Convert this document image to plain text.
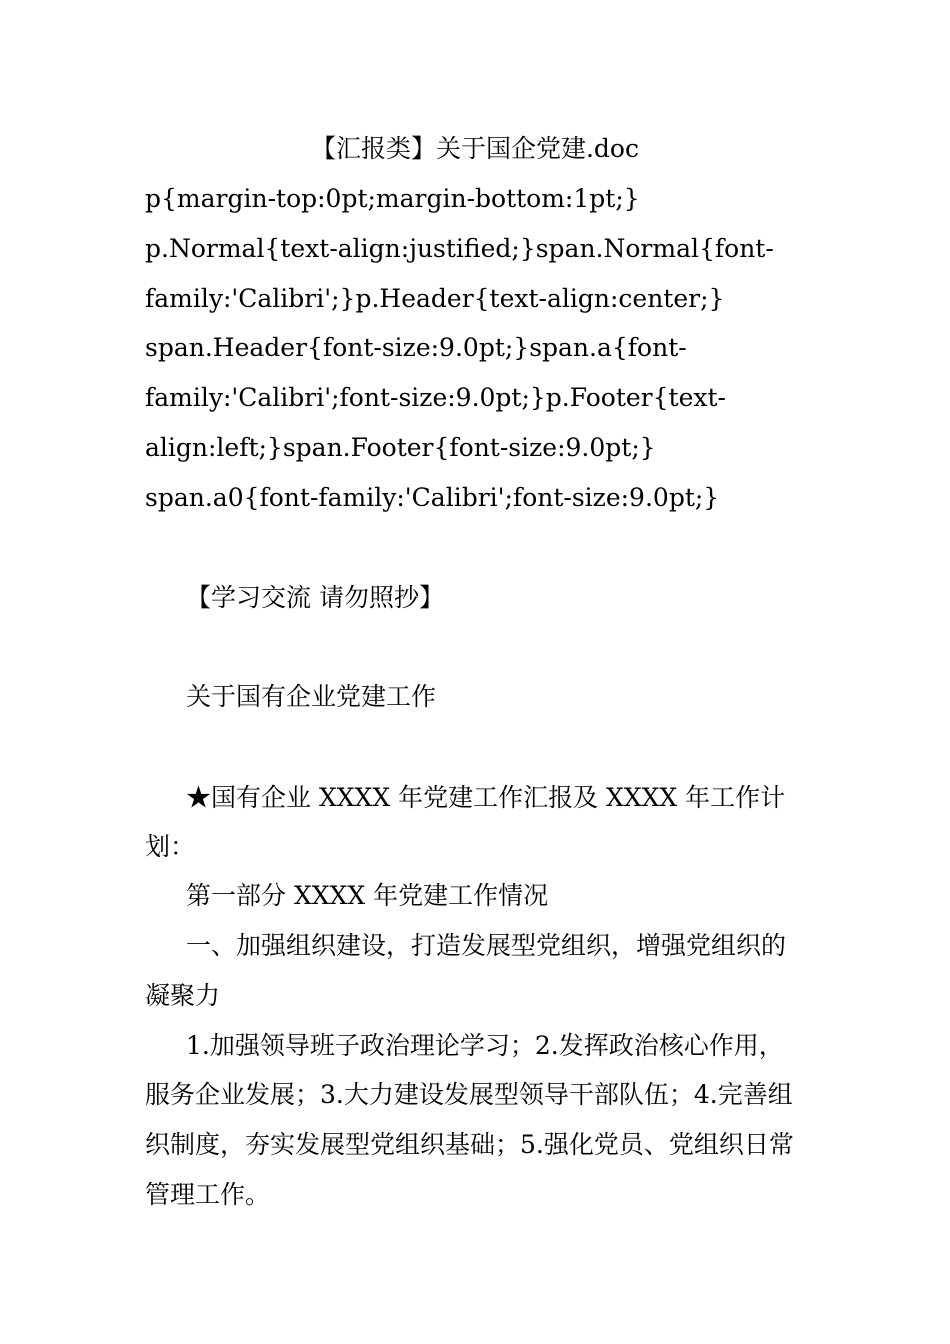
【汇报类】关于国企党建.doc
p{margin-top:0pt;margin-bottom:1pt;}
p.Normal{text-align:justified;}span.Normal{font-
family:'Calibri';}p.Header{text-align:center;}
span.Header{font-size:9.0pt;}span.a{font-
family:'Calibri';font-size:9.0pt;}p.Footer{text-
align:left;}span.Footer{font-size:9.0pt;}
span.a0{font-family:'Calibri';font-size:9.0pt;}
【学习交流 请勿照抄】
关于国有企业党建工作
★国有企业 XXXX 年党建工作汇报及 XXXX 年工作计
划：
第一部分 XXXX 年党建工作情况
一、加强组织建设，打造发展型党组织，增强党组织的
凝聚力
1.加强领导班子政治理论学习；2.发挥政治核心作用，
服务企业发展；3.大力建设发展型领导干部队伍；4.完善组
织制度，夯实发展型党组织基础；5.强化党员、党组织日常
管理工作。
